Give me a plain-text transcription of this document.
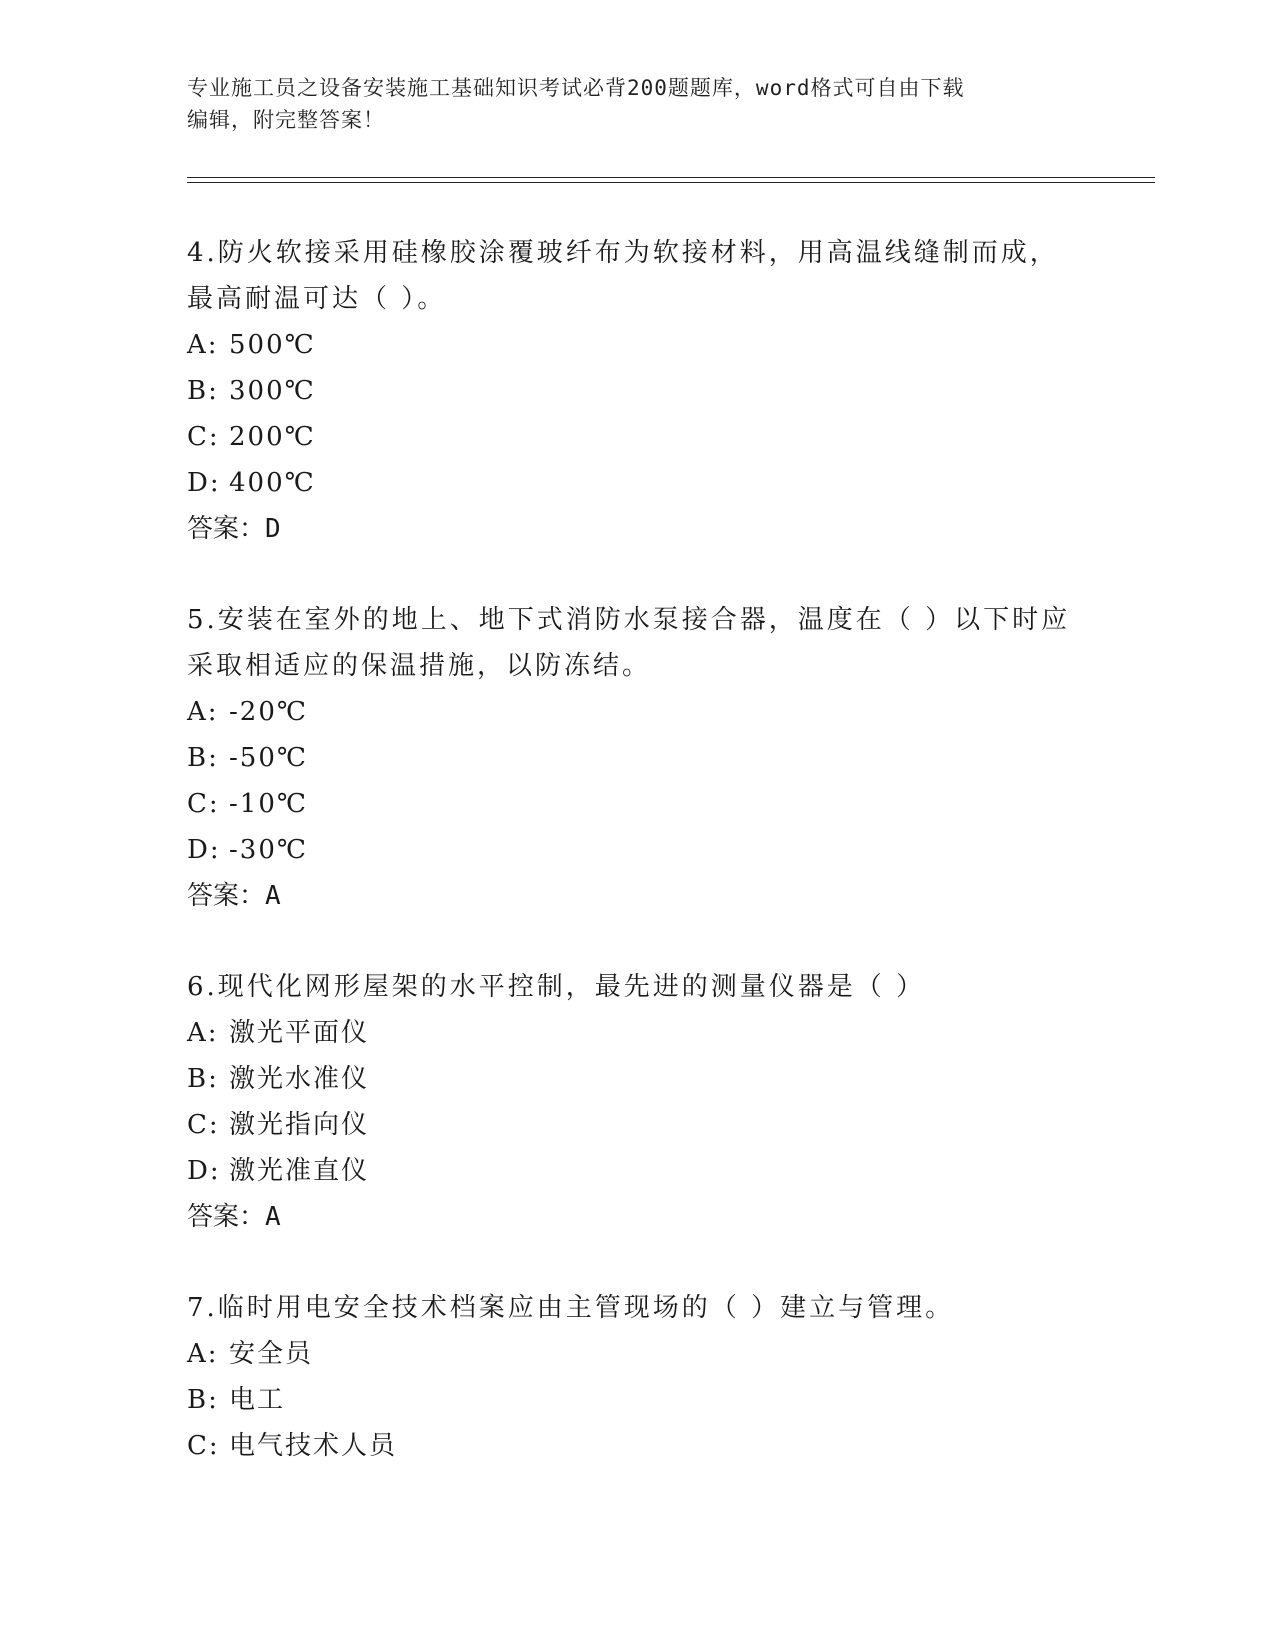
专业施工员之设备安装施工基础知识考试必背200题题库，word格式可自由下载
编辑，附完整答案！
4.防火软接采用硅橡胶涂覆玻纤布为软接材料，用高温线缝制而成，
最高耐温可达（ ）。
A: 500℃
B: 300℃
C: 200℃
D: 400℃
答案：D
5.安装在室外的地上、地下式消防水泵接合器，温度在（ ）以下时应
采取相适应的保温措施，以防冻结。
A: -20℃
B: -50℃
C: -10℃
D: -30℃
答案：A
6.现代化网形屋架的水平控制，最先进的测量仪器是（ ）
A: 激光平面仪
B: 激光水准仪
C: 激光指向仪
D: 激光准直仪
答案：A
7.临时用电安全技术档案应由主管现场的（ ）建立与管理。
A: 安全员
B: 电工
C: 电气技术人员
